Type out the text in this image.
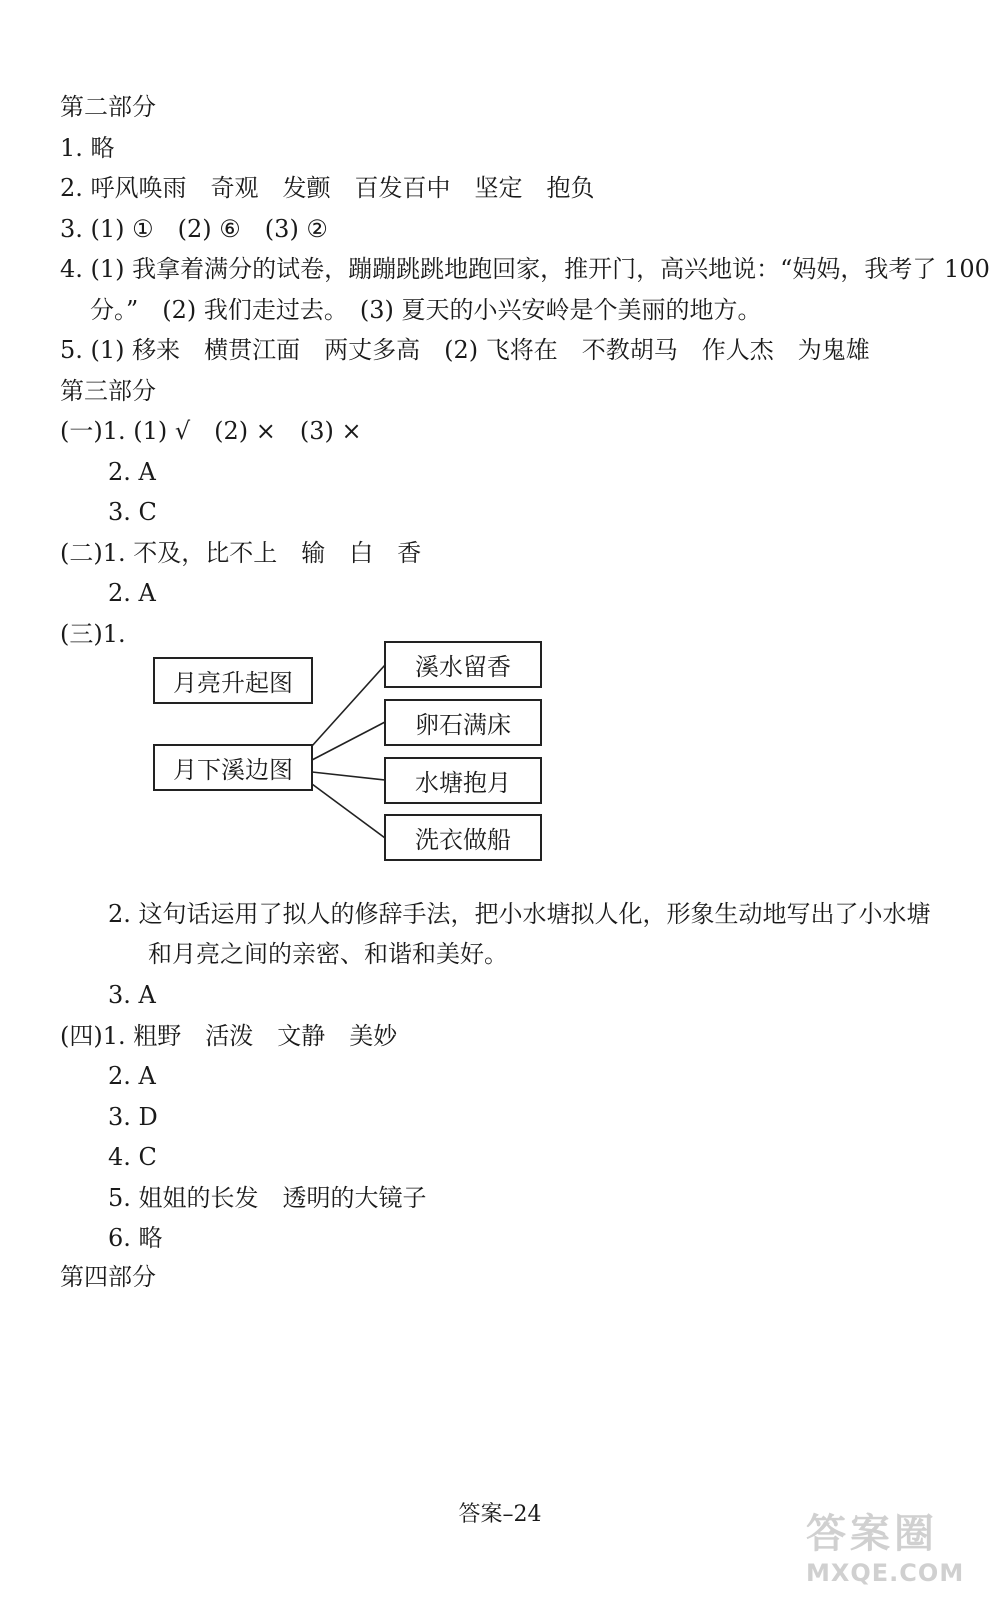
第二部分
1. 略
2. 呼风唤雨　奇观　发颤　百发百中　坚定　抱负
3. (1) ①　(2) ⑥　(3) ②
4. (1) 我拿着满分的试卷，蹦蹦跳跳地跑回家，推开门，高兴地说：“妈妈，我考了 100
分。”　(2) 我们走过去。　(3) 夏天的小兴安岭是个美丽的地方。
5. (1) 移来　横贯江面　两丈多高　(2) 飞将在　不教胡马　作人杰　为鬼雄
第三部分
(一)1. (1) √　(2) ×　(3) ×
2. A
3. C
(二)1. 不及，比不上　输　白　香
2. A
(三)1.
月亮升起图
月下溪边图
溪水留香
卵石满床
水塘抱月
洗衣做船
2. 这句话运用了拟人的修辞手法，把小水塘拟人化，形象生动地写出了小水塘
和月亮之间的亲密、和谐和美好。
3. A
(四)1. 粗野　活泼　文静　美妙
2. A
3. D
4. C
5. 姐姐的长发　透明的大镜子
6. 略
第四部分
答案–24	答案圈
MXQE.COM
